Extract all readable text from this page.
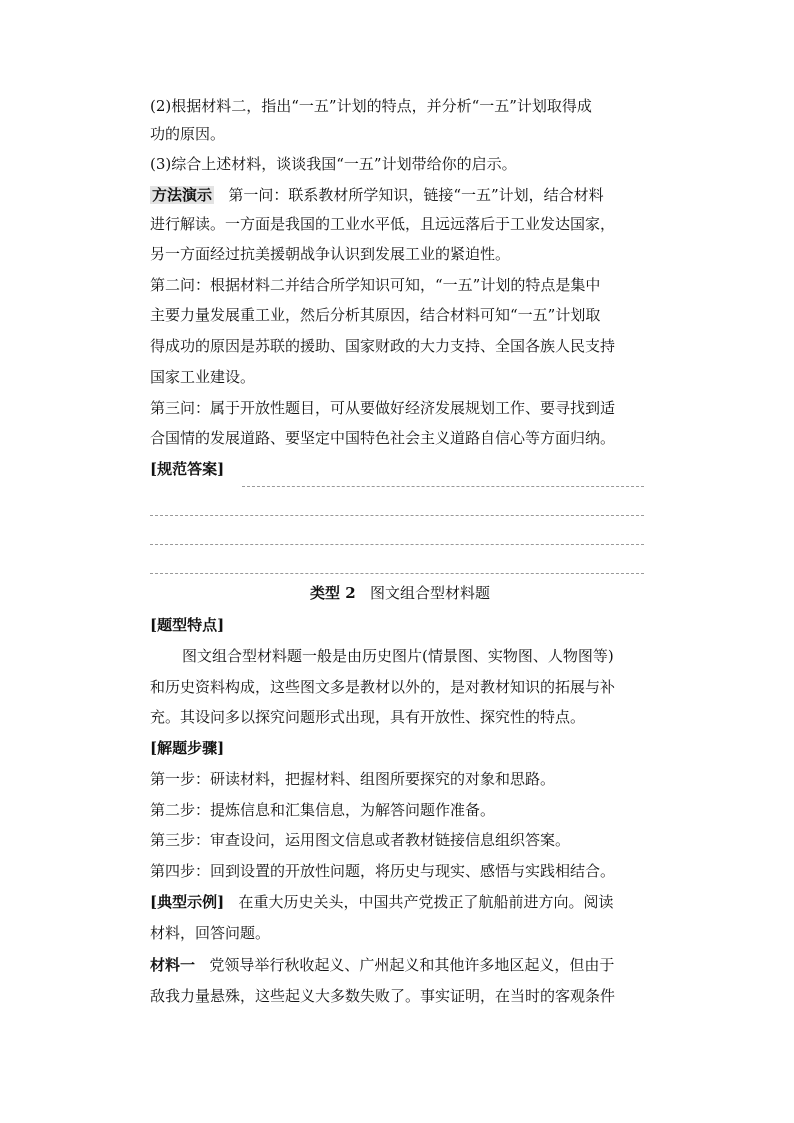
(2)根据材料二，指出“一五”计划的特点，并分析“一五”计划取得成
功的原因。
(3)综合上述材料，谈谈我国“一五”计划带给你的启示。
方法演示 第一问：联系教材所学知识，链接“一五”计划，结合材料
进行解读。一方面是我国的工业水平低，且远远落后于工业发达国家，
另一方面经过抗美援朝战争认识到发展工业的紧迫性。
第二问：根据材料二并结合所学知识可知，“一五”计划的特点是集中
主要力量发展重工业，然后分析其原因，结合材料可知“一五”计划取
得成功的原因是苏联的援助、国家财政的大力支持、全国各族人民支持
国家工业建设。
第三问：属于开放性题目，可从要做好经济发展规划工作、要寻找到适
合国情的发展道路、要坚定中国特色社会主义道路自信心等方面归纳。
[规范答案]
类型 2 图文组合型材料题
[题型特点]
图文组合型材料题一般是由历史图片(情景图、实物图、人物图等)
和历史资料构成，这些图文多是教材以外的，是对教材知识的拓展与补
充。其设问多以探究问题形式出现，具有开放性、探究性的特点。
[解题步骤]
第一步：研读材料，把握材料、组图所要探究的对象和思路。
第二步：提炼信息和汇集信息，为解答问题作准备。
第三步：审查设问，运用图文信息或者教材链接信息组织答案。
第四步：回到设置的开放性问题，将历史与现实、感悟与实践相结合。
[典型示例] 在重大历史关头，中国共产党拨正了航船前进方向。阅读
材料，回答问题。
材料一 党领导举行秋收起义、广州起义和其他许多地区起义，但由于
敌我力量悬殊，这些起义大多数失败了。事实证明，在当时的客观条件
